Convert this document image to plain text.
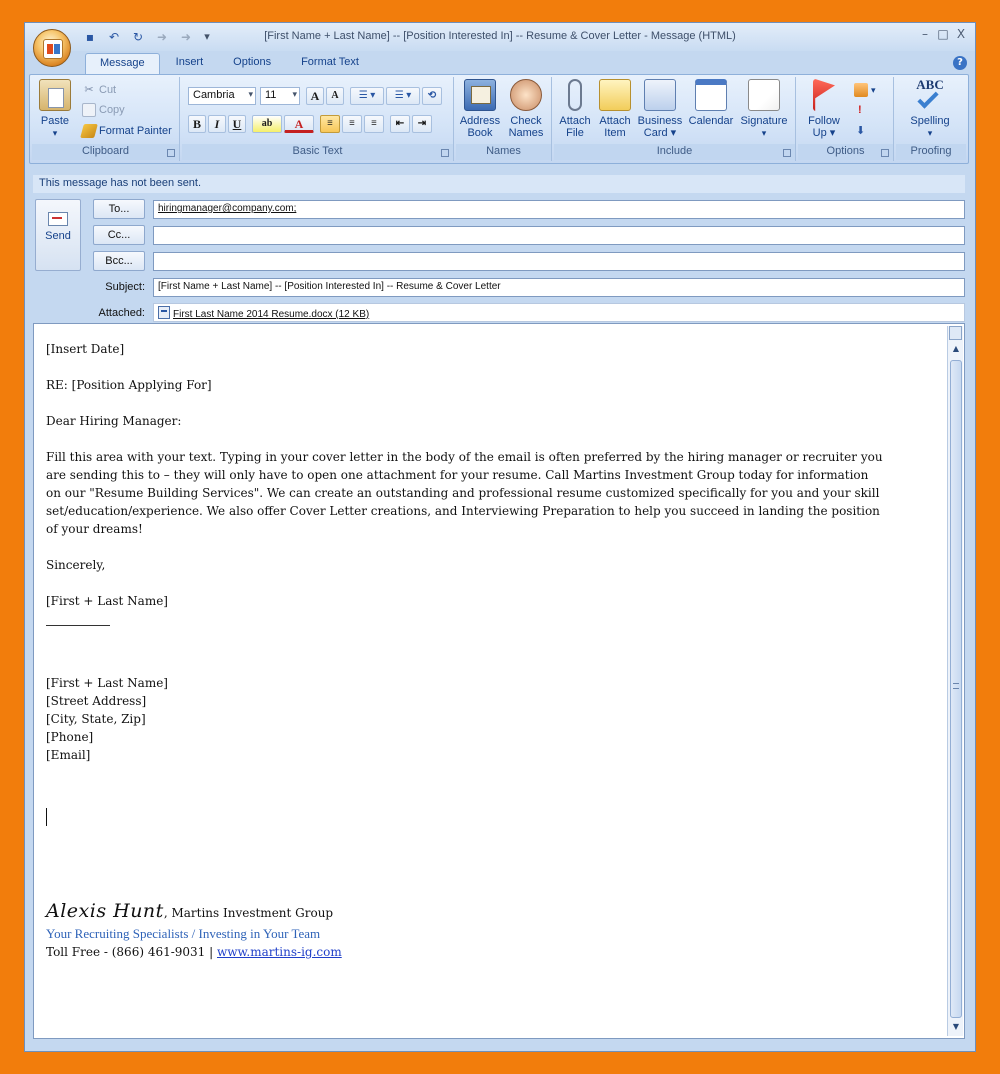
▪	↶	↻	➜	➜	▾	[First Name + Last Name] -- [Position Interested In] -- Resume & Cover Letter - Message (HTML)	– □ X
Message	Insert	Options	Format Text	?
Paste
▾
✂ Cut
Copy
Format Painter
Clipboard
Cambria ▾	11 ▾	A	A	☰ ▾	☰ ▾	⟲
B	I	U	ab	A	≡	≡	≡	⇤	⇥
Basic Text
Address
Book
Check
Names
Names
Attach
File
Attach
Item
Business
Card ▾
Calendar Signature
▾
Include
Follow
Up ▾
▾
!
⬇
Options
ABC
Spelling
▾
Proofing
This message has not been sent.
Send
To...	hiringmanager@company.com;
Cc...
Bcc...
Subject:	[First Name + Last Name] -- [Position Interested In] -- Resume & Cover Letter
Attached:	First Last Name 2014 Resume.docx (12 KB)
[Insert Date]
RE: [Position Applying For]
Dear Hiring Manager:
Fill this area with your text. Typing in your cover letter in the body of the email is often preferred by the hiring manager or recruiter you
are sending this to – they will only have to open one attachment for your resume. Call Martins Investment Group today for information
on our "Resume Building Services". We can create an outstanding and professional resume customized specifically for you and your skill
set/education/experience. We also offer Cover Letter creations, and Interviewing Preparation to help you succeed in landing the position
of your dreams!
Sincerely,
[First + Last Name]
[First + Last Name]
[Street Address]
[City, State, Zip]
[Phone]
[Email]
Alexis Hunt, Martins Investment Group
Your Recruiting Specialists / Investing in Your Team
Toll Free - (866) 461-9031 | www.martins-ig.com
▲
▼
